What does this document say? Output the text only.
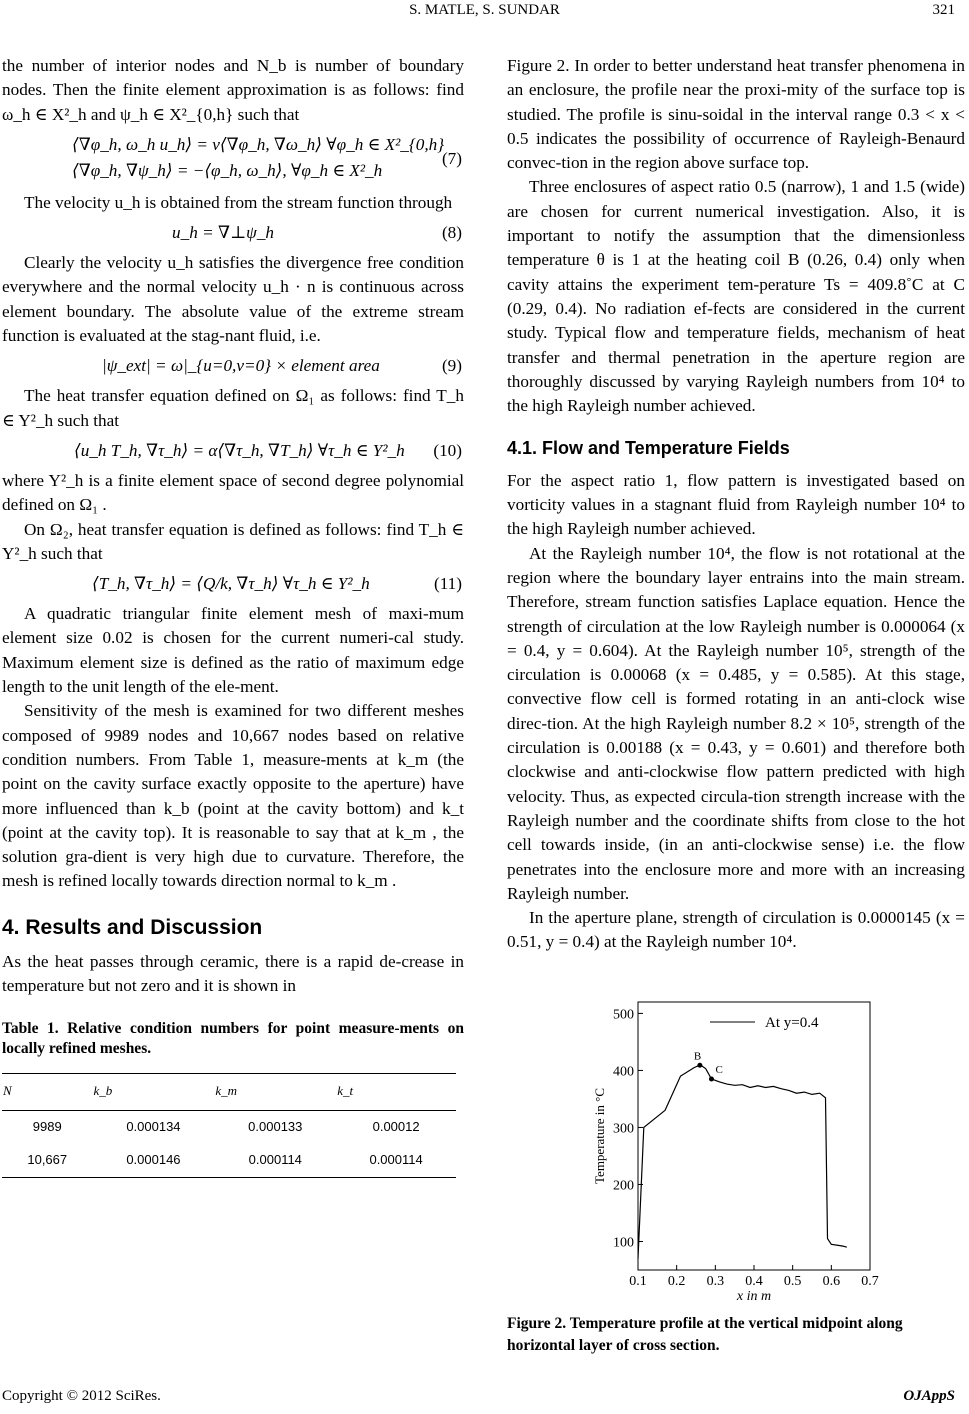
S. MATLE, S. SUNDAR	321

the number of interior nodes and N_b is number of boundary nodes. Then the finite element approximation is as follows: find ω_h ∈ X²_h and ψ_h ∈ X²_{0,h} such that

⟨∇φ_h, ω_h u_h⟩ = ν⟨∇φ_h, ∇ω_h⟩ ∀φ_h ∈ X²_{0,h}
⟨∇φ_h, ∇ψ_h⟩ = −⟨φ_h, ω_h⟩, ∀φ_h ∈ X²_h
(7)

The velocity u_h is obtained from the stream function through

u_h = ∇⊥ψ_h	(8)

Clearly the velocity u_h satisfies the divergence free condition everywhere and the normal velocity u_h · n is continuous across element boundary. The absolute value of the extreme stream function is evaluated at the stag-nant fluid, i.e.

|ψ_ext| = ω|_{u=0,v=0} × element area	(9)

The heat transfer equation defined on Ω₁ as follows: find T_h ∈ Y²_h such that

⟨u_h T_h, ∇τ_h⟩ = α⟨∇τ_h, ∇T_h⟩ ∀τ_h ∈ Y²_h (10)

where Y²_h is a finite element space of second degree polynomial defined on Ω₁ .

On Ω₂, heat transfer equation is defined as follows: find T_h ∈ Y²_h such that

⟨T_h, ∇τ_h⟩ = ⟨Q/k, ∇τ_h⟩ ∀τ_h ∈ Y²_h	(11)

A quadratic triangular finite element mesh of maxi-mum element size 0.02 is chosen for the current numeri-cal study. Maximum element size is defined as the ratio of maximum edge length to the unit length of the ele-ment.

Sensitivity of the mesh is examined for two different meshes composed of 9989 nodes and 10,667 nodes based on relative condition numbers. From Table 1, measure-ments at k_m (the point on the cavity surface exactly opposite to the aperture) have more influenced than k_b (point at the cavity bottom) and k_t (point at the cavity top). It is reasonable to say that at k_m , the solution gra-dient is very high due to curvature. Therefore, the mesh is refined locally towards direction normal to k_m .

4. Results and Discussion

As the heat passes through ceramic, there is a rapid de-crease in temperature but not zero and it is shown in

Table 1. Relative condition numbers for point measure-ments on locally refined meshes.
N	k_b	k_m	k_t
9989	0.000134	0.000133	0.00012
10,667	0.000146	0.000114	0.000114

Figure 2. In order to better understand heat transfer phenomena in an enclosure, the profile near the proxi-mity of the surface top is studied. The profile is sinu-soidal in the interval range 0.3 < x < 0.5 indicates the possibility of occurrence of Rayleigh-Benaurd convec-tion in the region above surface top.

Three enclosures of aspect ratio 0.5 (narrow), 1 and 1.5 (wide) are chosen for current numerical investigation. Also, it is important to notify the assumption that the dimensionless temperature θ is 1 at the heating coil B (0.26, 0.4) only when cavity attains the experiment tem-perature Ts = 409.8˚C at C (0.29, 0.4). No radiation ef-fects are considered in the current study. Typical flow and temperature fields, mechanism of heat transfer and thermal penetration in the aperture region are thoroughly discussed by varying Rayleigh numbers from 10⁴ to the high Rayleigh number achieved.

4.1. Flow and Temperature Fields

For the aspect ratio 1, flow pattern is investigated based on vorticity values in a stagnant fluid from Rayleigh number 10⁴ to the high Rayleigh number achieved.

At the Rayleigh number 10⁴, the flow is not rotational at the region where the boundary layer entrains into the main stream. Therefore, stream function satisfies Laplace equation. Hence the strength of circulation at the low Rayleigh number is 0.000064 (x = 0.4, y = 0.604). At the Rayleigh number 10⁵, strength of the circulation is 0.00068 (x = 0.485, y = 0.585). At this stage, convective flow cell is formed rotating in an anti-clock wise direc-tion. At the high Rayleigh number 8.2 × 10⁵, strength of the circulation is 0.00188 (x = 0.43, y = 0.601) and therefore both clockwise and anti-clockwise flow pattern predicted with high velocity. Thus, as expected circula-tion strength increase with the Rayleigh number and the coordinate shifts from close to the hot cell towards inside, (in an anti-clockwise sense) i.e. the flow penetrates into the enclosure more and more with an increasing Rayleigh number.

In the aperture plane, strength of circulation is 0.0000145 (x = 0.51, y = 0.4) at the Rayleigh number 10⁴.

0.1 0.2 0.3 0.4 0.5 0.6 0.7
100
200
300
400
500
x in m
Temperature in °C
At y=0.4
B
C
Figure 2. Temperature profile at the vertical midpoint along horizontal layer of cross section.
Copyright © 2012 SciRes.	OJAppS
